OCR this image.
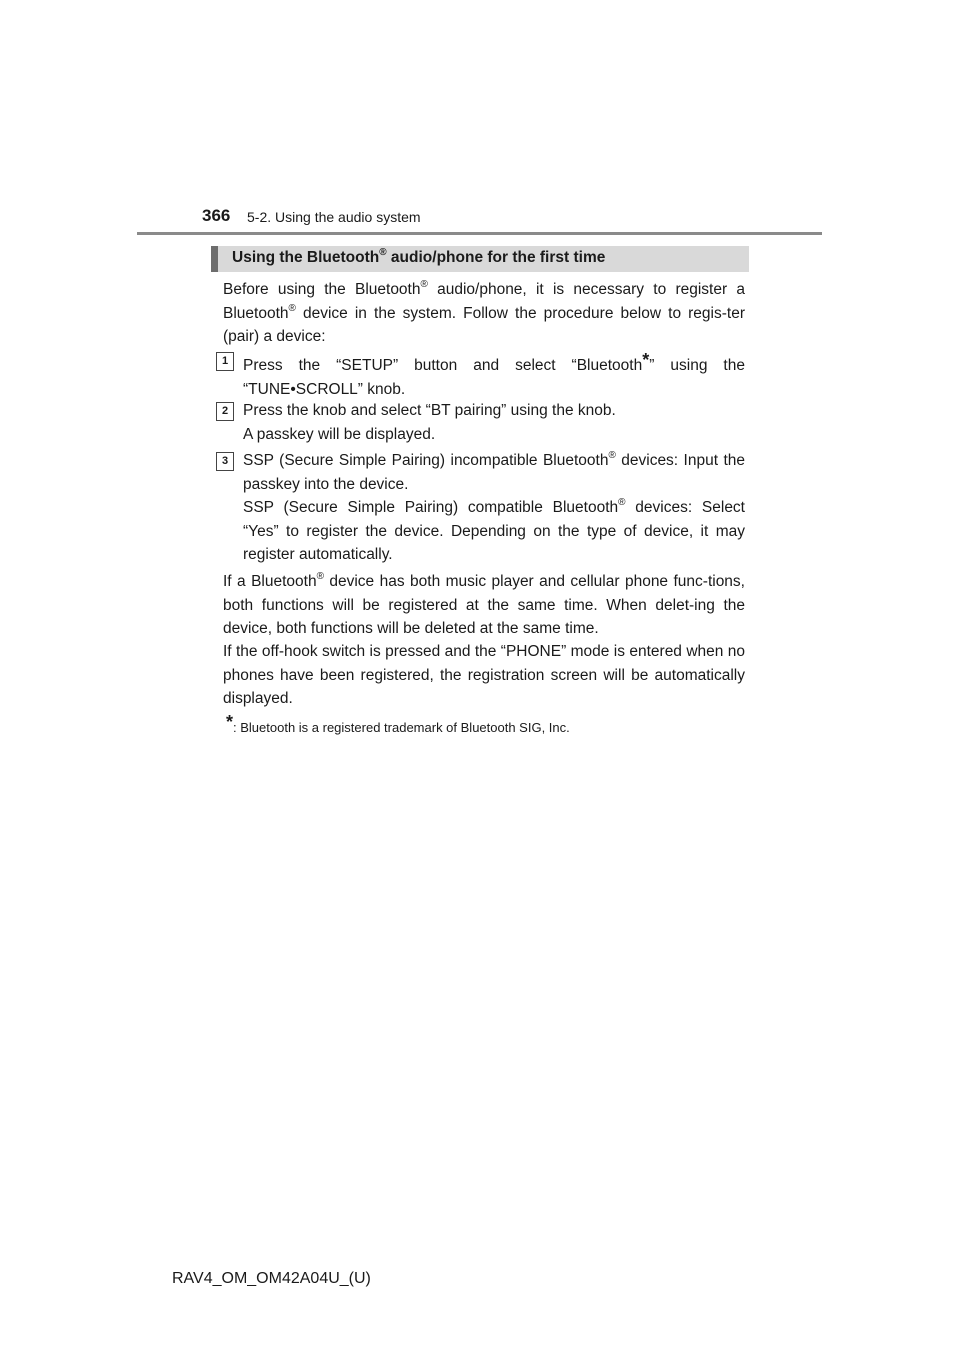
366 5-2. Using the audio system
Using the Bluetooth® audio/phone for the first time
Before using the Bluetooth® audio/phone, it is necessary to register a Bluetooth® device in the system. Follow the procedure below to regis-ter (pair) a device:
1 Press the “SETUP” button and select “Bluetooth*” using the “TUNE•SCROLL” knob.
2 Press the knob and select “BT pairing” using the knob.
A passkey will be displayed.
3 SSP (Secure Simple Pairing) incompatible Bluetooth® devices: Input the passkey into the device.
SSP (Secure Simple Pairing) compatible Bluetooth® devices: Select “Yes” to register the device. Depending on the type of device, it may register automatically.
If a Bluetooth® device has both music player and cellular phone func-tions, both functions will be registered at the same time. When delet-ing the device, both functions will be deleted at the same time.
If the off-hook switch is pressed and the “PHONE” mode is entered when no phones have been registered, the registration screen will be automatically displayed.
*: Bluetooth is a registered trademark of Bluetooth SIG, Inc.
RAV4_OM_OM42A04U_(U)
